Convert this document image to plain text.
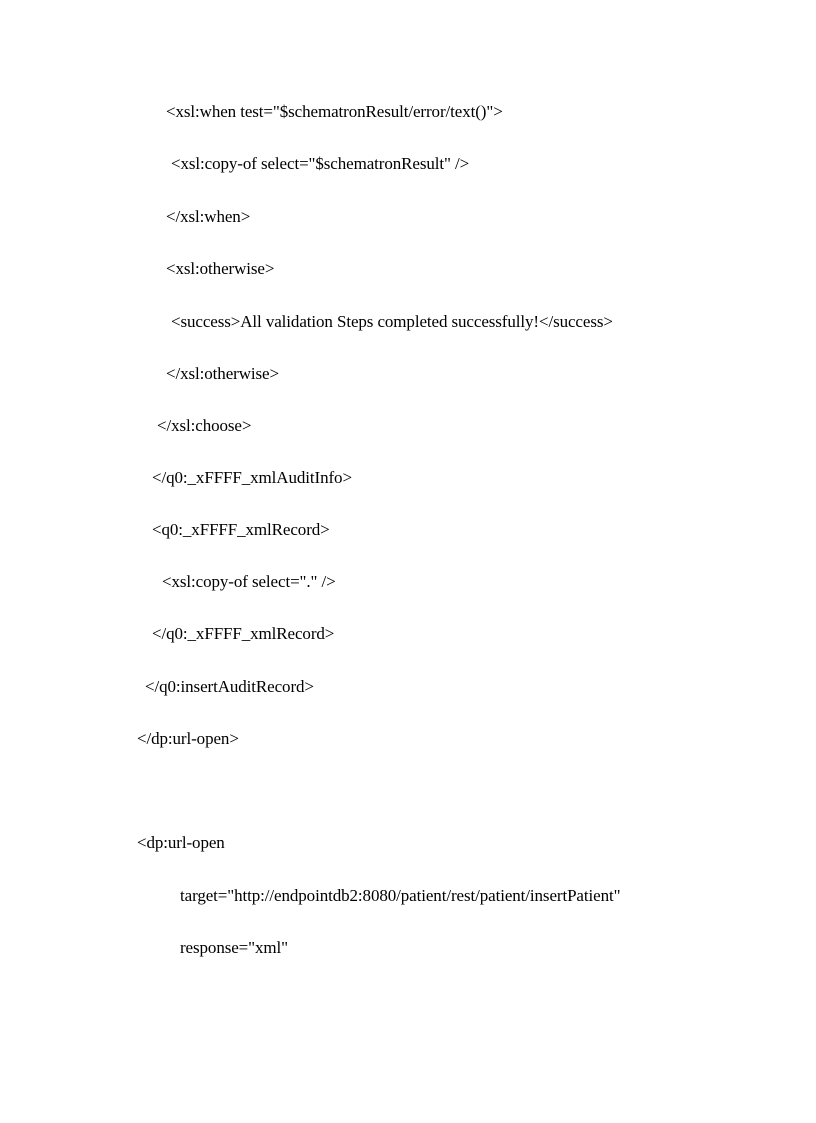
<xsl:when test="$schematronResult/error/text()">
<xsl:copy-of select="$schematronResult" />
</xsl:when>
<xsl:otherwise>
<success>All validation Steps completed successfully!</success>
</xsl:otherwise>
</xsl:choose>
</q0:_xFFFF_xmlAuditInfo>
<q0:_xFFFF_xmlRecord>
<xsl:copy-of select="." />
</q0:_xFFFF_xmlRecord>
</q0:insertAuditRecord>
</dp:url-open>
<dp:url-open
target="http://endpointdb2:8080/patient/rest/patient/insertPatient"
response="xml"
